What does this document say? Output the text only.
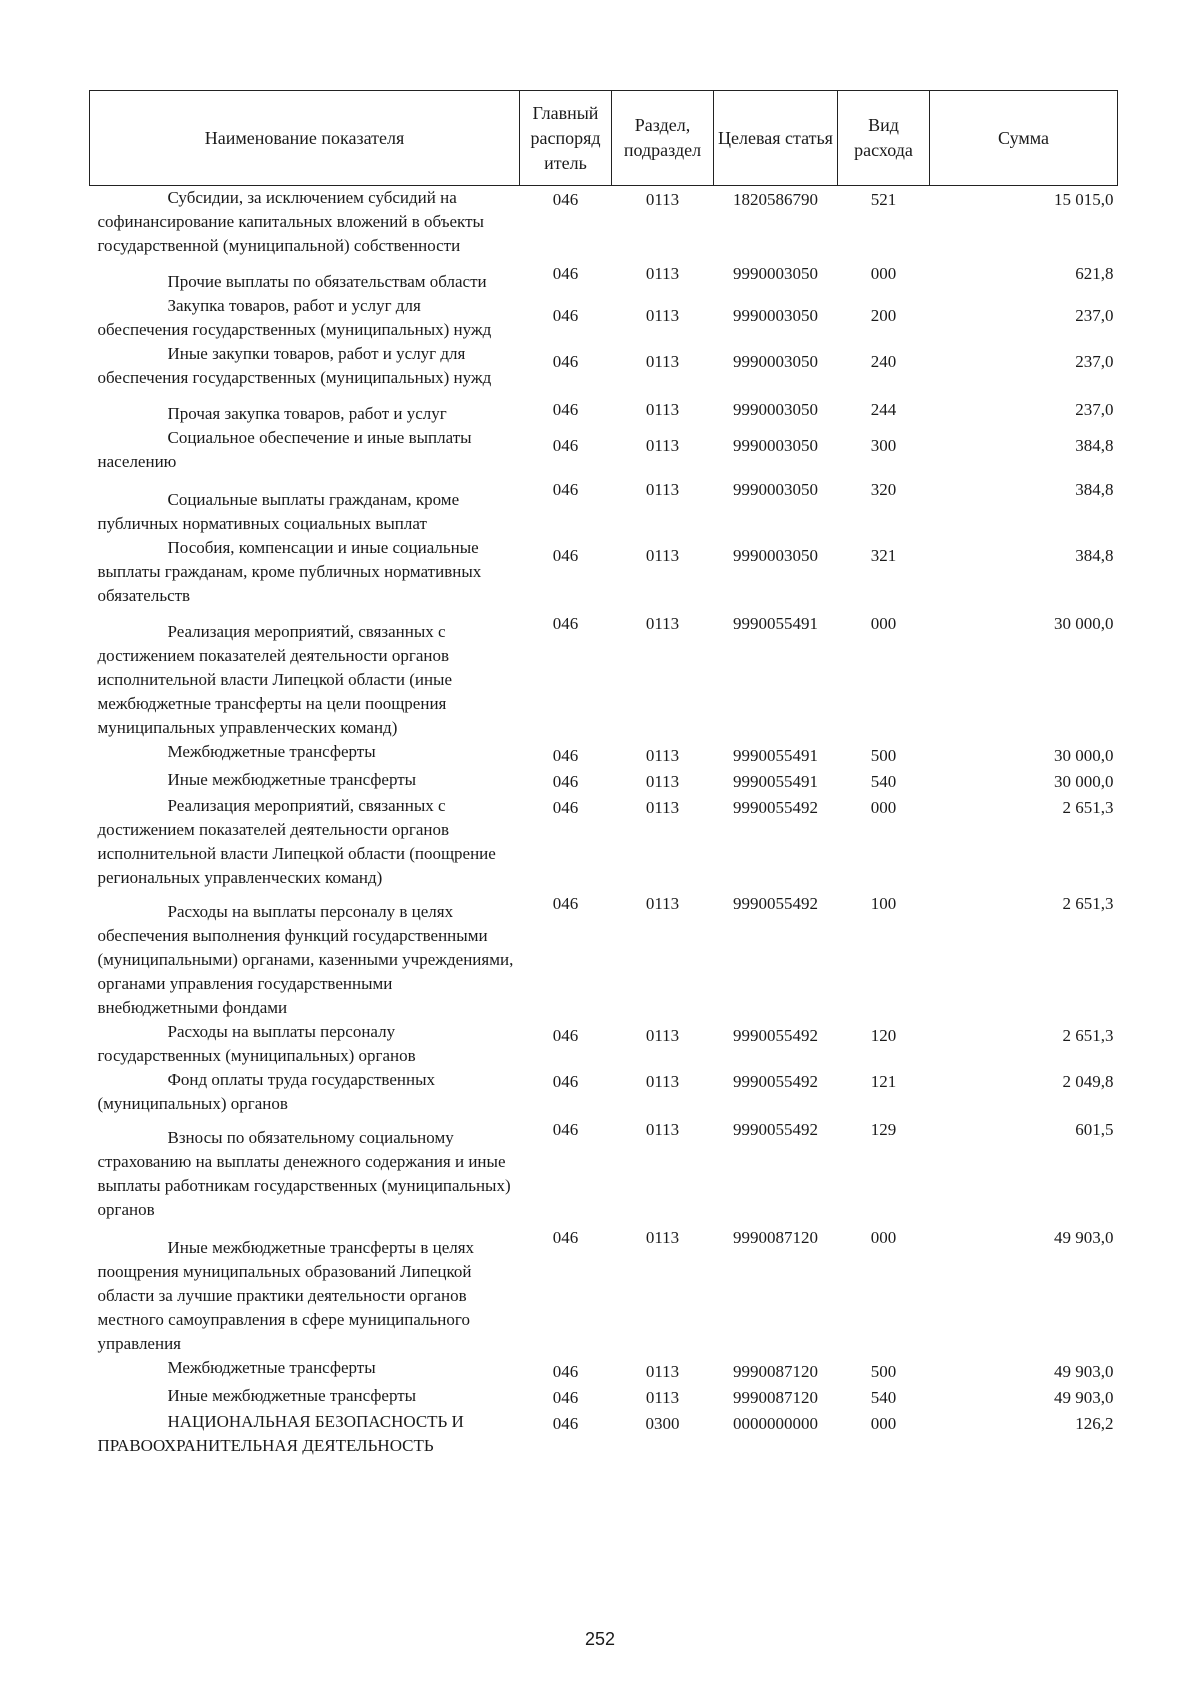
Наименование показателя	Главный распоряд итель	Раздел, подраздел	Целевая статья	Вид расхода	Сумма

Субсидии, за исключением субсидий на софинансирование капитальных вложений в объекты государственной (муниципальной) собственности	046	0113	1820586790	521	15 015,0

Прочие выплаты по обязательствам области	046	0113	9990003050	000	621,8

Закупка товаров, работ и услуг для обеспечения государственных (муниципальных) нужд	046	0113	9990003050	200	237,0

Иные закупки товаров, работ и услуг для обеспечения государственных (муниципальных) нужд	046	0113	9990003050	240	237,0

Прочая закупка товаров, работ и услуг	046	0113	9990003050	244	237,0

Социальное обеспечение и иные выплаты населению	046	0113	9990003050	300	384,8

Социальные выплаты гражданам, кроме публичных нормативных социальных выплат	046	0113	9990003050	320	384,8

Пособия, компенсации и иные социальные выплаты гражданам, кроме публичных нормативных обязательств	046	0113	9990003050	321	384,8

Реализация мероприятий, связанных с достижением показателей деятельности органов исполнительной власти Липецкой области (иные межбюджетные трансферты на цели поощрения муниципальных управленческих команд)	046	0113	9990055491	000	30 000,0

Межбюджетные трансферты	046	0113	9990055491	500	30 000,0

Иные межбюджетные трансферты	046	0113	9990055491	540	30 000,0

Реализация мероприятий, связанных с достижением показателей деятельности органов исполнительной власти Липецкой области (поощрение региональных управленческих команд)	046	0113	9990055492	000	2 651,3

Расходы на выплаты персоналу в целях обеспечения выполнения функций государственными (муниципальными) органами, казенными учреждениями, органами управления государственными внебюджетными фондами	046	0113	9990055492	100	2 651,3

Расходы на выплаты персоналу государственных (муниципальных) органов	046	0113	9990055492	120	2 651,3

Фонд оплаты труда государственных (муниципальных) органов	046	0113	9990055492	121	2 049,8

Взносы по обязательному социальному страхованию на выплаты денежного содержания и иные выплаты работникам государственных (муниципальных) органов	046	0113	9990055492	129	601,5

Иные межбюджетные трансферты в целях поощрения муниципальных образований Липецкой области за лучшие практики деятельности органов местного самоуправления в сфере муниципального управления	046	0113	9990087120	000	49 903,0

Межбюджетные трансферты	046	0113	9990087120	500	49 903,0

Иные межбюджетные трансферты	046	0113	9990087120	540	49 903,0

НАЦИОНАЛЬНАЯ БЕЗОПАСНОСТЬ И ПРАВООХРАНИТЕЛЬНАЯ ДЕЯТЕЛЬНОСТЬ	046	0300	0000000000	000	126,2
252
